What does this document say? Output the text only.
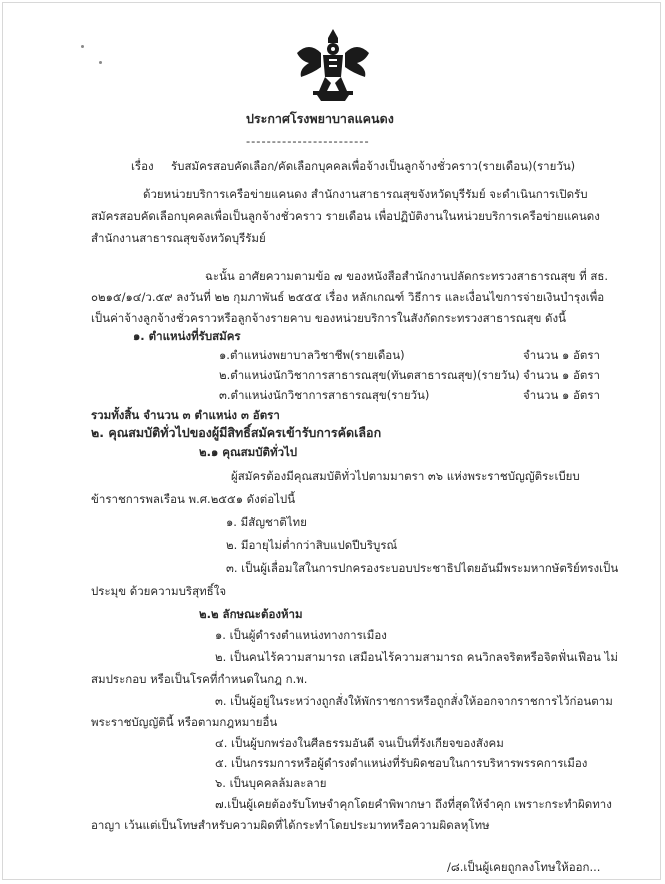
ประกาศโรงพยาบาลแคนดง
------------------------
เรื่อง รับสมัครสอบคัดเลือก/คัดเลือกบุคคลเพื่อจ้างเป็นลูกจ้างชั่วคราว(รายเดือน)(รายวัน)
ด้วยหน่วยบริการเครือข่ายแคนดง สำนักงานสาธารณสุขจังหวัดบุรีรัมย์ จะดำเนินการเปิดรับ
สมัครสอบคัดเลือกบุคคลเพื่อเป็นลูกจ้างชั่วคราว รายเดือน เพื่อปฏิบัติงานในหน่วยบริการเครือข่ายแคนดง
สำนักงานสาธารณสุขจังหวัดบุรีรัมย์
ฉะนั้น อาศัยความตามข้อ ๗ ของหนังสือสำนักงานปลัดกระทรวงสาธารณสุข ที่ สธ.
๐๒๑๕/๑๔/ว.๕๙ ลงวันที่ ๒๒ กุมภาพันธ์ ๒๕๕๕ เรื่อง หลักเกณฑ์ วิธีการ และเงื่อนไขการจ่ายเงินบำรุงเพื่อ
เป็นค่าจ้างลูกจ้างชั่วคราวหรือลูกจ้างรายคาบ ของหน่วยบริการในสังกัดกระทรวงสาธารณสุข ดังนี้
๑. ตำแหน่งที่รับสมัคร
๑.ตำแหน่งพยาบาลวิชาชีพ(รายเดือน)	จำนวน ๑ อัตรา
๒.ตำแหน่งนักวิชาการสาธารณสุข(ทันตสาธารณสุข)(รายวัน) จำนวน ๑ อัตรา
๓.ตำแหน่งนักวิชาการสาธารณสุข(รายวัน)	จำนวน ๑ อัตรา
รวมทั้งสิ้น จำนวน ๓ ตำแหน่ง ๓ อัตรา
๒. คุณสมบัติทั่วไปของผู้มีสิทธิ์สมัครเข้ารับการคัดเลือก
๒.๑ คุณสมบัติทั่วไป
ผู้สมัครต้องมีคุณสมบัติทั่วไปตามมาตรา ๓๖ แห่งพระราชบัญญัติระเบียบ
ข้าราชการพลเรือน พ.ศ.๒๕๕๑ ดังต่อไปนี้
๑. มีสัญชาติไทย
๒. มีอายุไม่ต่ำกว่าสิบแปดปีบริบูรณ์
๓. เป็นผู้เลื่อมใสในการปกครองระบอบประชาธิปไตยอันมีพระมหากษัตริย์ทรงเป็น
ประมุข ด้วยความบริสุทธิ์ใจ
๒.๒ ลักษณะต้องห้าม
๑. เป็นผู้ดำรงตำแหน่งทางการเมือง
๒. เป็นคนไร้ความสามารถ เสมือนไร้ความสามารถ คนวิกลจริตหรือจิตฟั่นเฟือน ไม่
สมประกอบ หรือเป็นโรคที่กำหนดในกฎ ก.พ.
๓. เป็นผู้อยู่ในระหว่างถูกสั่งให้พักราชการหรือถูกสั่งให้ออกจากราชการไว้ก่อนตาม
พระราชบัญญัตินี้ หรือตามกฎหมายอื่น
๔. เป็นผู้บกพร่องในศีลธรรมอันดี จนเป็นที่รังเกียจของสังคม
๕. เป็นกรรมการหรือผู้ดำรงตำแหน่งที่รับผิดชอบในการบริหารพรรคการเมือง
๖. เป็นบุคคลล้มละลาย
๗.เป็นผู้เคยต้องรับโทษจำคุกโดยคำพิพากษา ถึงที่สุดให้จำคุก เพราะกระทำผิดทาง
อาญา เว้นแต่เป็นโทษสำหรับความผิดที่ได้กระทำโดยประมาทหรือความผิดลหุโทษ
/๘.เป็นผู้เคยถูกลงโทษให้ออก...
